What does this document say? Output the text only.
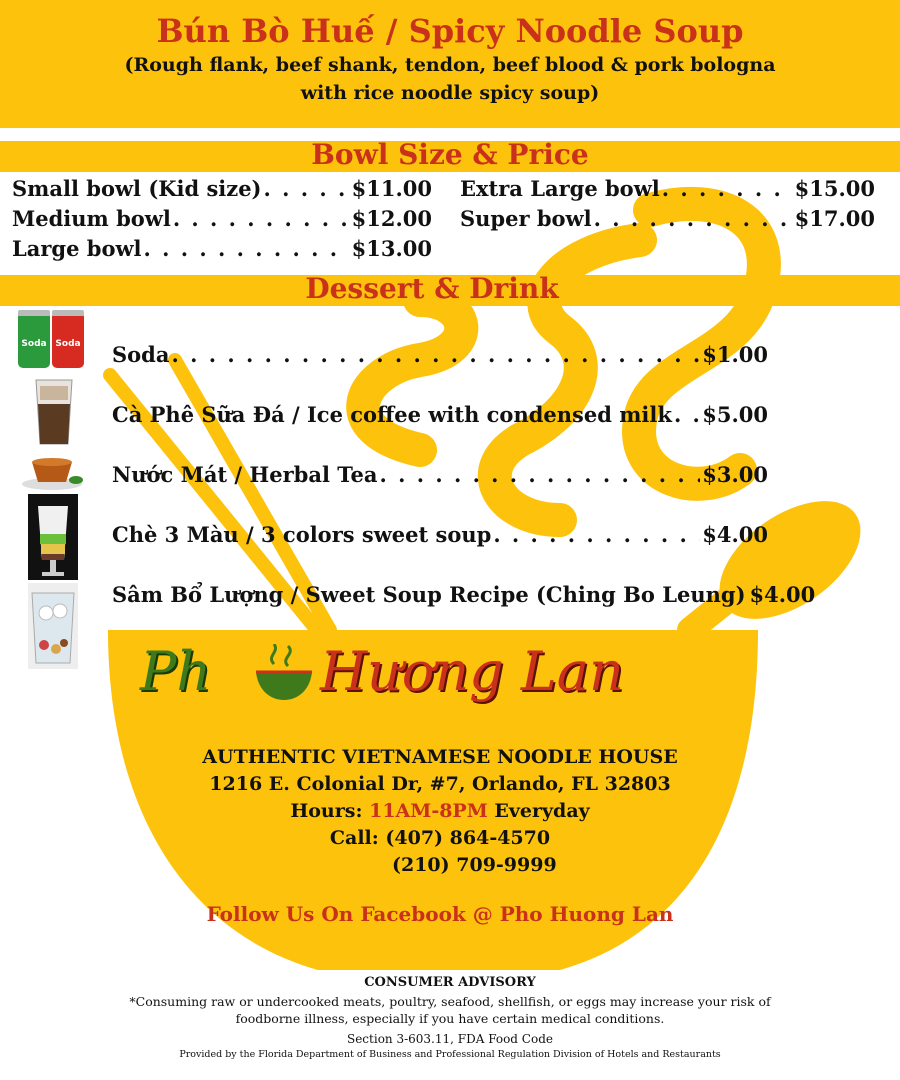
Bún Bò Huế / Spicy Noodle Soup
(Rough flank, beef shank, tendon, beef blood & pork bologna with rice noodle spicy soup)
Bowl Size & Price
Small bowl (Kid size) . . .	$11.00
Medium bowl . . .	$12.00
Large bowl . . .	$13.00
Extra Large bowl . . .	$15.00
Super bowl . . .	$17.00
Dessert & Drink
Soda Soda Soda . . .	$1.00
Cà Phê Sữa Đá / Ice coffee with condensed milk . . . $5.00
Nước Mát / Herbal Tea . . .	$3.00
Chè 3 Màu / 3 colors sweet soup . . .	$4.00
Sâm Bổ Lượng / Sweet Soup Recipe (Ching Bo Leung) $4.00
Ph Hương Lan
AUTHENTIC VIETNAMESE NOODLE HOUSE
1216 E. Colonial Dr, #7, Orlando, FL 32803
Hours: 11AM-8PM Everyday
Call: (407) 864-4570
(210) 709-9999
Follow Us On Facebook @ Pho Huong Lan
CONSUMER ADVISORY
*Consuming raw or undercooked meats, poultry, seafood, shellfish, or eggs may increase your risk of foodborne illness, especially if you have certain medical conditions.
Section 3-603.11, FDA Food Code
Provided by the Florida Department of Business and Professional Regulation Division of Hotels and Restaurants
